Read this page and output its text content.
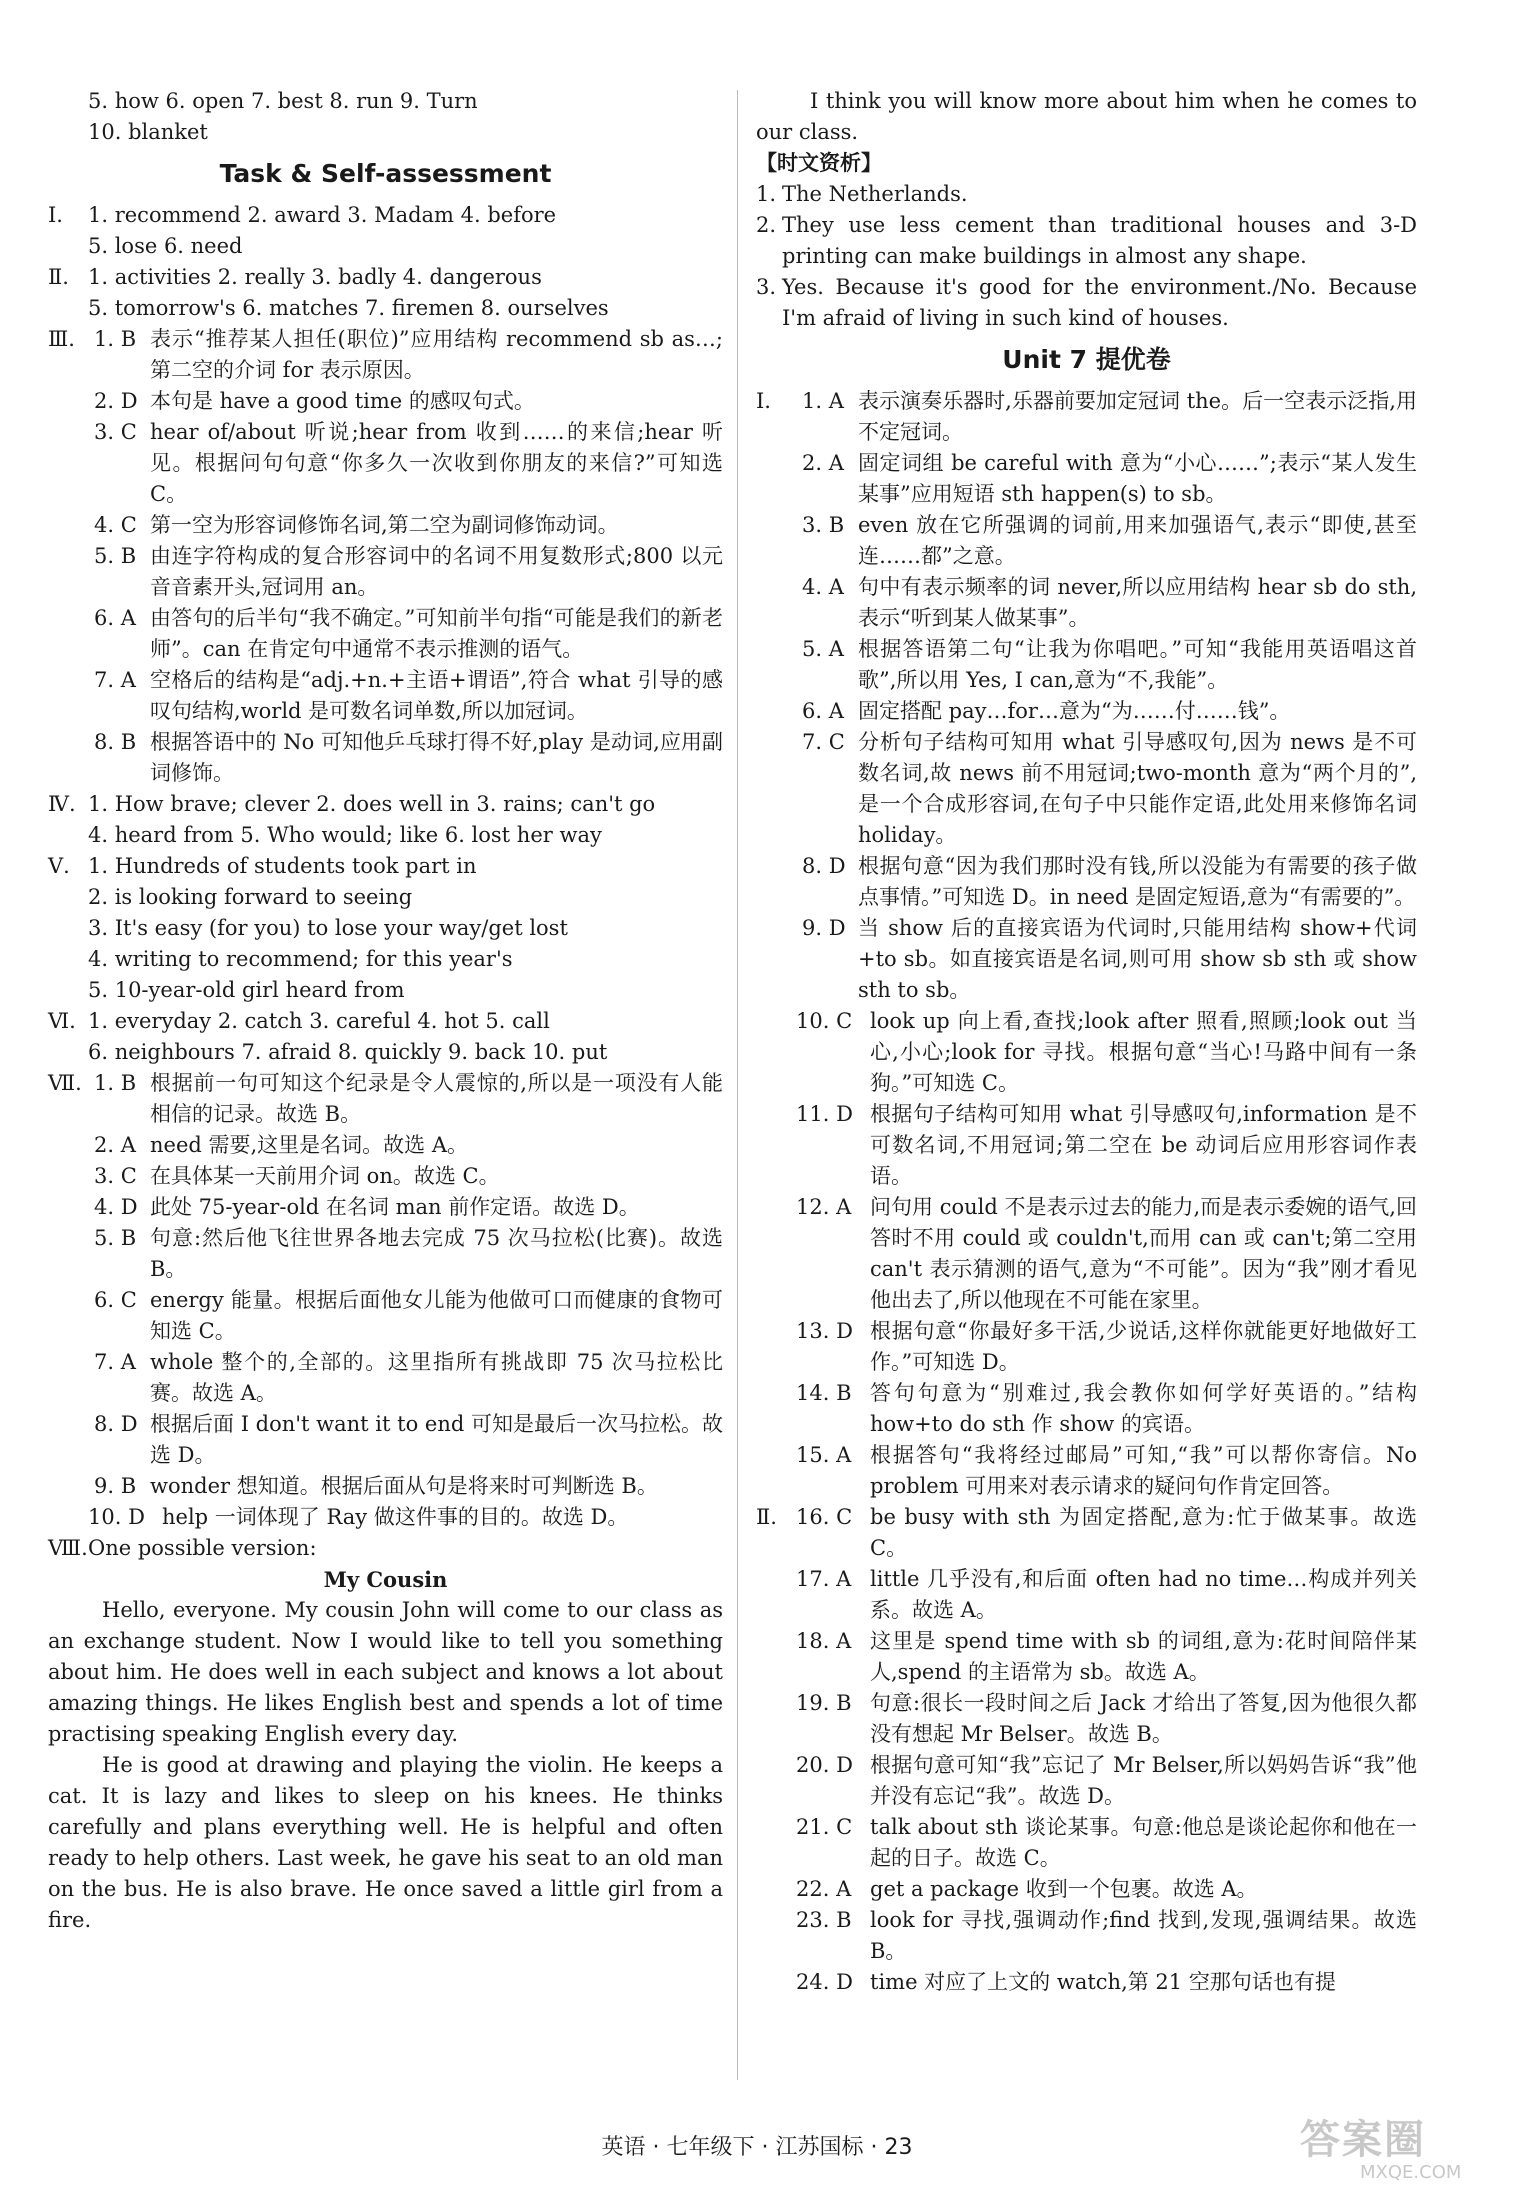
5. how 6. open 7. best 8. run 9. Turn
10. blanket
Task & Self-assessment
Ⅰ.	1. recommend 2. award 3. Madam 4. before
5. lose 6. need
Ⅱ. 1. activities 2. really 3. badly 4. dangerous
5. tomorrow's 6. matches 7. firemen 8. ourselves
Ⅲ. 1. B 表示“推荐某人担任(职位)”应用结构 recommend sb as…;第二空的介词 for 表示原因。
2. D 本句是 have a good time 的感叹句式。
3. C hear of/about 听说;hear from 收到……的来信;hear 听见。根据问句句意“你多久一次收到你朋友的来信?”可知选 C。
4. C 第一空为形容词修饰名词,第二空为副词修饰动词。
5. B 由连字符构成的复合形容词中的名词不用复数形式;800 以元音音素开头,冠词用 an。
6. A 由答句的后半句“我不确定。”可知前半句指“可能是我们的新老师”。can 在肯定句中通常不表示推测的语气。
7. A 空格后的结构是“adj.+n.+主语+谓语”,符合 what 引导的感叹句结构,world 是可数名词单数,所以加冠词。
8. B 根据答语中的 No 可知他乒乓球打得不好,play 是动词,应用副词修饰。
Ⅳ. 1. How brave; clever 2. does well in 3. rains; can't go
4. heard from 5. Who would; like 6. lost her way
Ⅴ. 1. Hundreds of students took part in
2. is looking forward to seeing
3. It's easy (for you) to lose your way/get lost
4. writing to recommend; for this year's
5. 10-year-old girl heard from
Ⅵ. 1. everyday 2. catch 3. careful 4. hot 5. call
6. neighbours 7. afraid 8. quickly 9. back 10. put
Ⅶ. 1. B 根据前一句可知这个纪录是令人震惊的,所以是一项没有人能相信的记录。故选 B。
2. A need 需要,这里是名词。故选 A。
3. C 在具体某一天前用介词 on。故选 C。
4. D 此处 75-year-old 在名词 man 前作定语。故选 D。
5. B 句意:然后他飞往世界各地去完成 75 次马拉松(比赛)。故选 B。
6. C energy 能量。根据后面他女儿能为他做可口而健康的食物可知选 C。
7. A whole 整个的,全部的。这里指所有挑战即 75 次马拉松比赛。故选 A。
8. D 根据后面 I don't want it to end 可知是最后一次马拉松。故选 D。
9. B wonder 想知道。根据后面从句是将来时可判断选 B。
10. D help 一词体现了 Ray 做这件事的目的。故选 D。
Ⅷ. One possible version:
My Cousin
Hello, everyone. My cousin John will come to our class as an exchange student. Now I would like to tell you something about him. He does well in each subject and knows a lot about amazing things. He likes English best and spends a lot of time practising speaking English every day.
He is good at drawing and playing the violin. He keeps a cat. It is lazy and likes to sleep on his knees. He thinks carefully and plans everything well. He is helpful and often ready to help others. Last week, he gave his seat to an old man on the bus. He is also brave. He once saved a little girl from a fire.
I think you will know more about him when he comes to our class.
【时文资析】
1. The Netherlands.
2. They use less cement than traditional houses and 3-D printing can make buildings in almost any shape.
3. Yes. Because it's good for the environment./No. Because I'm afraid of living in such kind of houses.
Unit 7 提优卷
Ⅰ.	1. A 表示演奏乐器时,乐器前要加定冠词 the。后一空表示泛指,用不定冠词。
2. A 固定词组 be careful with 意为“小心……”;表示“某人发生某事”应用短语 sth happen(s) to sb。
3. B even 放在它所强调的词前,用来加强语气,表示“即使,甚至连……都”之意。
4. A 句中有表示频率的词 never,所以应用结构 hear sb do sth,表示“听到某人做某事”。
5. A 根据答语第二句“让我为你唱吧。”可知“我能用英语唱这首歌”,所以用 Yes, I can,意为“不,我能”。
6. A 固定搭配 pay…for…意为“为……付……钱”。
7. C 分析句子结构可知用 what 引导感叹句,因为 news 是不可数名词,故 news 前不用冠词;two-month 意为“两个月的”,是一个合成形容词,在句子中只能作定语,此处用来修饰名词 holiday。
8. D 根据句意“因为我们那时没有钱,所以没能为有需要的孩子做点事情。”可知选 D。in need 是固定短语,意为“有需要的”。
9. D 当 show 后的直接宾语为代词时,只能用结构 show+代词+to sb。如直接宾语是名词,则可用 show sb sth 或 show sth to sb。
10. C look up 向上看,查找;look after 照看,照顾;look out 当心,小心;look for 寻找。根据句意“当心!马路中间有一条狗。”可知选 C。
11. D 根据句子结构可知用 what 引导感叹句,information 是不可数名词,不用冠词;第二空在 be 动词后应用形容词作表语。
12. A 问句用 could 不是表示过去的能力,而是表示委婉的语气,回答时不用 could 或 couldn't,而用 can 或 can't;第二空用 can't 表示猜测的语气,意为“不可能”。因为“我”刚才看见他出去了,所以他现在不可能在家里。
13. D 根据句意“你最好多干活,少说话,这样你就能更好地做好工作。”可知选 D。
14. B 答句句意为“别难过,我会教你如何学好英语的。”结构 how+to do sth 作 show 的宾语。
15. A 根据答句“我将经过邮局”可知,“我”可以帮你寄信。No problem 可用来对表示请求的疑问句作肯定回答。
Ⅱ. 16. C be busy with sth 为固定搭配,意为:忙于做某事。故选 C。
17. A little 几乎没有,和后面 often had no time…构成并列关系。故选 A。
18. A 这里是 spend time with sb 的词组,意为:花时间陪伴某人,spend 的主语常为 sb。故选 A。
19. B 句意:很长一段时间之后 Jack 才给出了答复,因为他很久都没有想起 Mr Belser。故选 B。
20. D 根据句意可知“我”忘记了 Mr Belser,所以妈妈告诉“我”他并没有忘记“我”。故选 D。
21. C talk about sth 谈论某事。句意:他总是谈论起你和他在一起的日子。故选 C。
22. A get a package 收到一个包裹。故选 A。
23. B look for 寻找,强调动作;find 找到,发现,强调结果。故选 B。
24. D time 对应了上文的 watch,第 21 空那句话也有提
英语 · 七年级下 · 江苏国标 · 23	答案圈
MXQE.COM
